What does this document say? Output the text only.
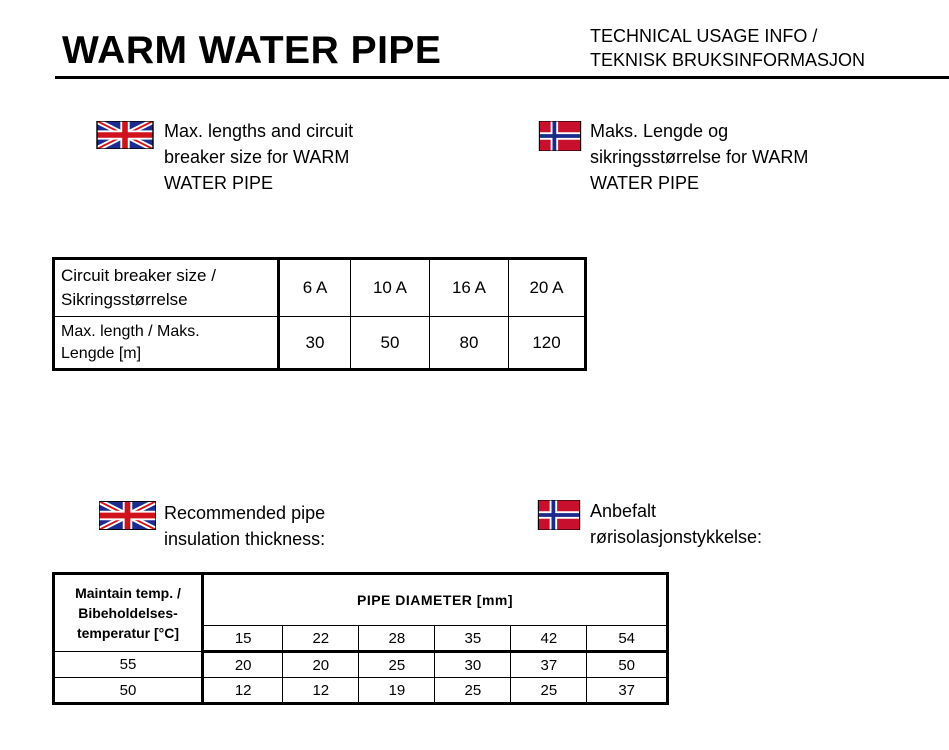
WARM WATER PIPE	TECHNICAL USAGE INFO /
TEKNISK BRUKSINFORMASJON
Max. lengths and circuit
breaker size for WARM
WATER PIPE
Maks. Lengde og
sikringsstørrelse for WARM
WATER PIPE
Circuit breaker size /
Sikringsstørrelse	6 A	10 A	16 A	20 A

Max. length / Maks.
Lengde [m]	30	50	80	120
Recommended pipe
insulation thickness:
Anbefalt
rørisolasjonstykkelse:
Maintain temp. /
Bibeholdelses-
temperatur [°C]	PIPE DIAMETER [mm]					
	15	22	28	35	42	54
55	20	20	25	30	37	50
50	12	12	19	25	25	37
